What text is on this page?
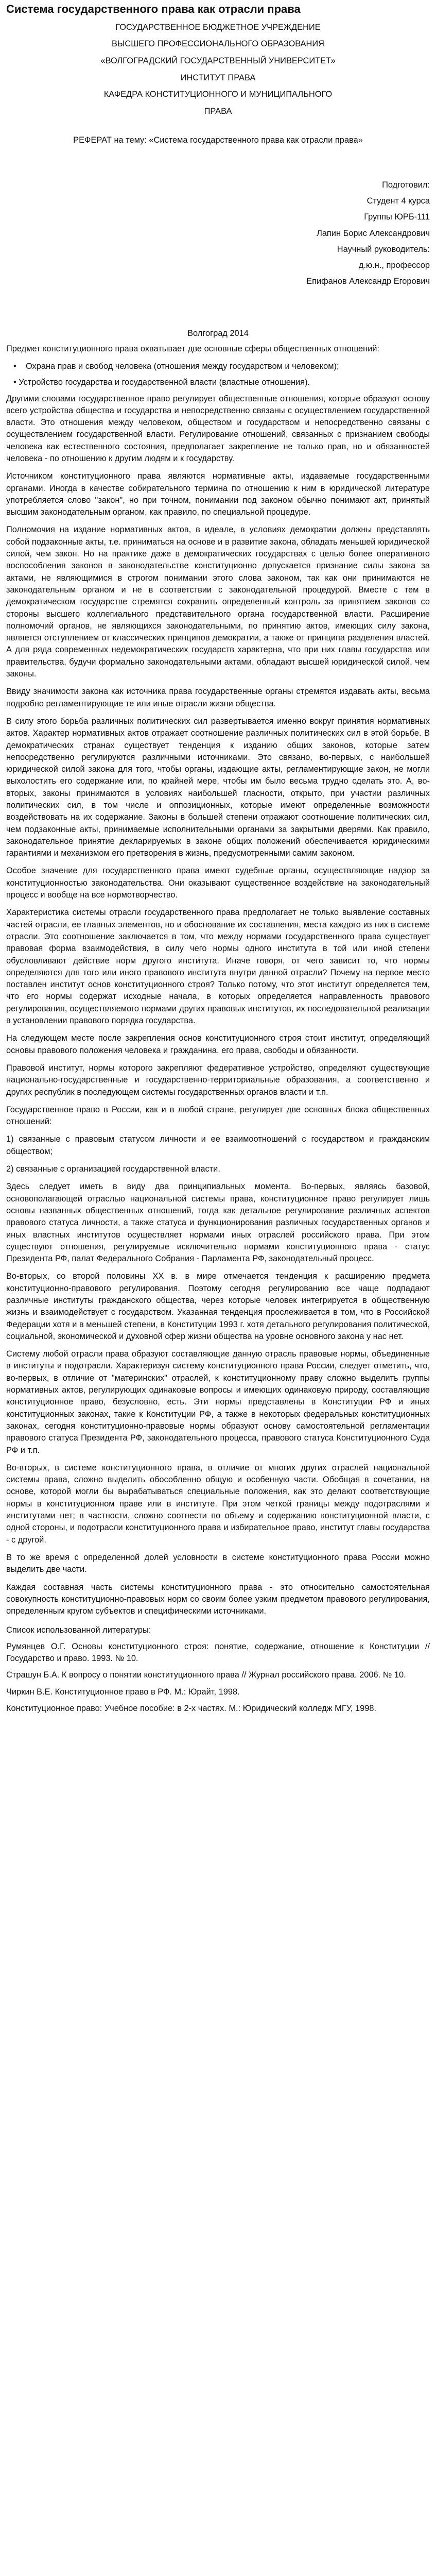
Система государственного права как отрасли права

ГОСУДАРСТВЕННОЕ БЮДЖЕТНОЕ УЧРЕЖДЕНИЕ

ВЫСШЕГО ПРОФЕССИОНАЛЬНОГО ОБРАЗОВАНИЯ

«ВОЛГОГРАДСКИЙ ГОСУДАРСТВЕННЫЙ УНИВЕРСИТЕТ»

ИНСТИТУТ ПРАВА

КАФЕДРА КОНСТИТУЦИОННОГО И МУНИЦИПАЛЬНОГО

ПРАВА

РЕФЕРАТ на тему: «Система государственного права как отрасли права»

Подготовил:

Студент 4 курса

Группы ЮРБ-111

Лапин Борис Александрович

Научный руководитель:

д.ю.н., профессор

Епифанов Александр Егорович

Волгоград 2014

Предмет конституционного права охватывает две основные сферы общественных отношений:

•    Охрана прав и свобод человека (отношения между государством и человеком);

• Устройство государства и государственной власти (властные отношения).

Другими словами государственное право регулирует общественные отношения, которые образуют основу всего устройства общества и государства и непосредственно связаны с осуществлением государственной власти. Это отношения между человеком, обществом и государством и непосредственно связаны с осуществлением государственной власти. Регулирование отношений, связанных с признанием свободы человека как естественного состояния, предполагает закрепление не только прав, но и обязанностей человека - по отношению к другим людям и к государству.

Источником конституционного права являются нормативные акты, издаваемые государственными органами. Иногда в качестве собирательного термина по отношению к ним в юридической литературе употребляется слово "закон", но при точном, понимании под законом обычно понимают акт, принятый высшим законодательным органом, как правило, по специальной процедуре.

Полномочия на издание нормативных актов, в идеале, в условиях демократии должны представлять собой подзаконные акты, т.е. приниматься на основе и в развитие закона, обладать меньшей юридической силой, чем закон. Но на практике даже в демократических государствах с целью более оперативного воспособления законов в законодательстве конституционно допускается признание силы закона за актами, не являющимися в строгом понимании этого слова законом, так как они принимаются не законодательным органом и не в соответствии с законодательной процедурой. Вместе с тем в демократическом государстве стремятся сохранить определенный контроль за принятием законов со стороны высшего коллегиального представительного органа государственной власти. Расширение полномочий органов, не являющихся законодательными, по принятию актов, имеющих силу закона, является отступлением от классических принципов демократии, а также от принципа разделения властей. А для ряда современных недемократических государств характерна, что при них главы государства или правительства, будучи формально законодательными актами, обладают высшей юридической силой, чем законы.

Ввиду значимости закона как источника права государственные органы стремятся издавать акты, весьма подробно регламентирующие те или иные отрасли жизни общества.

В силу этого борьба различных политических сил развертывается именно вокруг принятия нормативных актов. Характер нормативных актов отражает соотношение различных политических сил в этой борьбе. В демократических странах существует тенденция к изданию общих законов, которые затем непосредственно регулируются различными источниками. Это связано, во-первых, с наибольшей юридической силой закона для того, чтобы органы, издающие акты, регламентирующие закон, не могли выхолостить его содержание или, по крайней мере, чтобы им было весьма трудно сделать это. А, во-вторых, законы принимаются в условиях наибольшей гласности, открыто, при участии различных политических сил, в том числе и оппозиционных, которые имеют определенные возможности воздействовать на их содержание. Законы в большей степени отражают соотношение политических сил, чем подзаконные акты, принимаемые исполнительными органами за закрытыми дверями. Как правило, законодательное принятие декларируемых в законе общих положений обеспечивается юридическими гарантиями и механизмом его претворения в жизнь, предусмотренными самим законом.

Особое значение для государственного права имеют судебные органы, осуществляющие надзор за конституционностью законодательства. Они оказывают существенное воздействие на законодательный процесс и вообще на все нормотворчество.

Характеристика системы отрасли государственного права предполагает не только выявление составных частей отрасли, ее главных элементов, но и обоснование их составления, места каждого из них в системе отрасли. Это соотношение заключается в том, что между нормами государственного права существует правовая форма взаимодействия, в силу чего нормы одного института в той или иной степени обусловливают действие норм другого института. Иначе говоря, от чего зависит то, что нормы определяются для того или иного правового института внутри данной отрасли? Почему на первое место поставлен институт основ конституционного строя? Только потому, что этот институт определяется тем, что его нормы содержат исходные начала, в которых определяется направленность правового регулирования, осуществляемого нормами других правовых институтов, их последовательной реализации в установлении правового порядка государства.

На следующем месте после закрепления основ конституционного строя стоит институт, определяющий основы правового положения человека и гражданина, его права, свободы и обязанности.

Правовой институт, нормы которого закрепляют федеративное устройство, определяют существующие национально-государственные и государственно-территориальные образования, а соответственно и других республик в последующем системы государственных органов власти и т.п.

Государственное право в России, как и в любой стране, регулирует две основных блока общественных отношений:

1) связанные с правовым статусом личности и ее взаимоотношений с государством и гражданским обществом;

2) связанные с организацией государственной власти.

Здесь следует иметь в виду два принципиальных момента. Во-первых, являясь базовой, основополагающей отраслью национальной системы права, конституционное право регулирует лишь основы названных общественных отношений, тогда как детальное регулирование различных аспектов правового статуса личности, а также статуса и функционирования различных государственных органов и иных властных институтов осуществляет нормами иных отраслей российского права. При этом существуют отношения, регулируемые исключительно нормами конституционного права - статус Президента РФ, палат Федерального Собрания - Парламента РФ, законодательный процесс.

Во-вторых, со второй половины XX в. в мире отмечается тенденция к расширению предмета конституционно-правового регулирования. Поэтому сегодня регулированию все чаще подпадают различные институты гражданского общества, через которые человек интегрируется в общественную жизнь и взаимодействует с государством. Указанная тенденция прослеживается в том, что в Российской Федерации хотя и в меньшей степени, в Конституции 1993 г. хотя детального регулирования политической, социальной, экономической и духовной сфер жизни общества на уровне основного закона у нас нет.

Систему любой отрасли права образуют составляющие данную отрасль правовые нормы, объединенные в институты и подотрасли. Характеризуя систему конституционного права России, следует отметить, что, во-первых, в отличие от "материнских" отраслей, к конституционному праву сложно выделить группы нормативных актов, регулирующих одинаковые вопросы и имеющих одинаковую природу, составляющие конституционное право, безусловно, есть. Эти нормы представлены в Конституции РФ и иных конституционных законах, такие к Конституции РФ, а также в некоторых федеральных конституционных законах, сегодня конституционно-правовые нормы образуют основу самостоятельной регламентации правового статуса Президента РФ, законодательного процесса, правового статуса Конституционного Суда РФ и т.п.

Во-вторых, в системе конституционного права, в отличие от многих других отраслей национальной системы права, сложно выделить обособленно общую и особенную части. Обобщая в сочетании, на основе, которой могли бы вырабатываться специальные положения, как это делают соответствующие нормы в конституционном праве или в институте. При этом четкой границы между подотраслями и институтами нет; в частности, сложно соотнести по объему и содержанию конституционной власти, с одной стороны, и подотрасли конституционного права и избирательное право, институт главы государства - с другой.

В то же время с определенной долей условности в системе конституционного права России можно выделить две части.

Каждая составная часть системы конституционного права - это относительно самостоятельная совокупность конституционно-правовых норм со своим более узким предметом правового регулирования, определенным кругом субъектов и специфическими источниками.

Список использованной литературы:

Румянцев О.Г. Основы конституционного строя: понятие, содержание, отношение к Конституции // Государство и право. 1993. № 10.

Страшун Б.А. К вопросу о понятии конституционного права // Журнал российского права. 2006. № 10.

Чиркин В.Е. Конституционное право в РФ. М.: Юрайт, 1998.

Конституционное право: Учебное пособие: в 2-х частях. М.: Юридический колледж МГУ, 1998.
